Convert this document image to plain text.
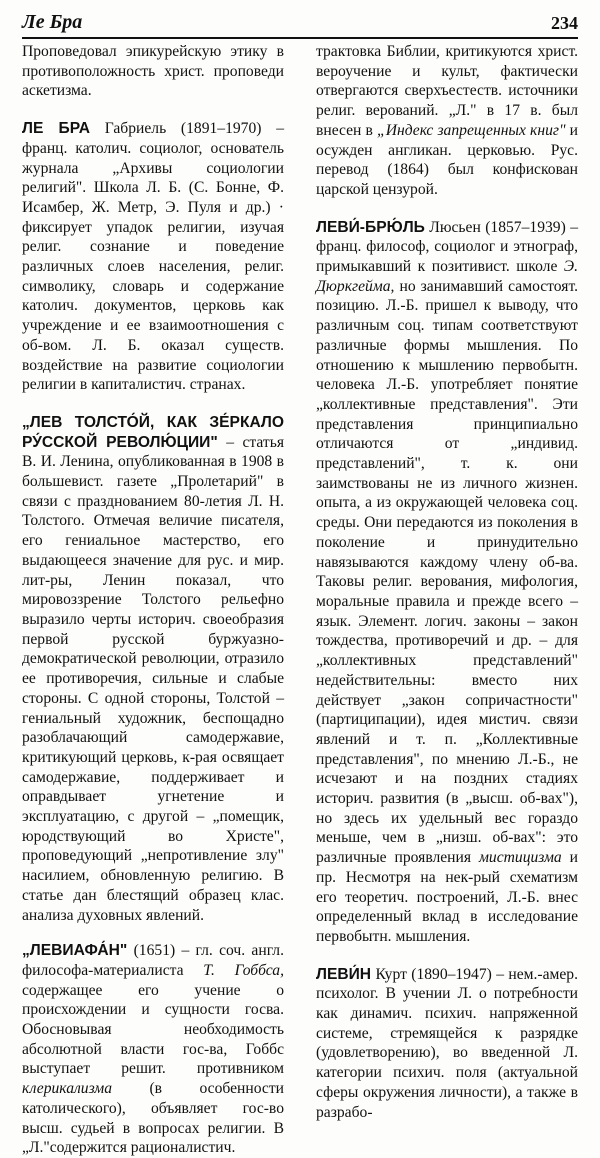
Ле Бра	234

Проповедовал эпикурейскую этику в противоположность христ. проповеди аскетизма.

ЛЕ БРА Габриель (1891–1970) – франц. католич. социолог, основатель журнала „Архивы социологии религий". Школа Л. Б. (С. Бонне, Ф. Исамбер, Ж. Метр, Э. Пуля и др.) · фиксирует упадок религии, изучая религ. сознание и поведение различных слоев населения, религ. символику, словарь и содержание католич. документов, церковь как учреждение и ее взаимоотношения с об-вом. Л. Б. оказал существ. воздействие на развитие социологии религии в капиталистич. странах.

„ЛЕВ ТОЛСТО́Й, КАК ЗЕ́РКАЛО РУ́ССКОЙ РЕВОЛЮ́ЦИИ" – статья В. И. Ленина, опубликованная в 1908 в большевист. газете „Пролетарий" в связи с празднованием 80-летия Л. Н. Толстого. Отмечая величие писателя, его гениальное мастерство, его выдающееся значение для рус. и мир. лит-ры, Ленин показал, что мировоззрение Толстого рельефно выразило черты историч. своеобразия первой русской буржуазно-демократической революции, отразило ее противоречия, сильные и слабые стороны. С одной стороны, Толстой – гениальный художник, беспощадно разоблачающий самодержавие, критикующий церковь, к-рая освящает самодержавие, поддерживает и оправдывает угнетение и эксплуатацию, с другой – „помещик, юродствующий во Христе", проповедующий „непротивление злу" насилием, обновленную религию. В статье дан блестящий образец клас. анализа духовных явлений.

„ЛЕВИАФА́Н" (1651) – гл. соч. англ. философа-материалиста Т. Гоббса, содержащее его учение о происхождении и сущности госва. Обосновывая необходимость абсолютной власти гос-ва, Гоббс выступает решит. противником клерикализма (в особенности католического), объявляет гос-во высш. судьей в вопросах религии. В „Л."содержится рационалистич.

трактовка Библии, критикуются христ. вероучение и культ, фактически отвергаются сверхъестеств. источники религ. верований. „Л." в 17 в. был внесен в „Индекс запрещенных книг" и осужден англикан. церковью. Рус. перевод (1864) был конфискован царской цензурой.

ЛЕВИ́-БРЮ́ЛЬ Люсьен (1857–1939) – франц. философ, социолог и этнограф, примыкавший к позитивист. школе Э. Дюркгейма, но занимавший самостоят. позицию. Л.-Б. пришел к выводу, что различным соц. типам соответствуют различные формы мышления. По отношению к мышлению первобытн. человека Л.-Б. употребляет понятие „коллективные представления". Эти представления принципиально отличаются от „индивид. представлений", т. к. они заимствованы не из личного жизнен. опыта, а из окружающей человека соц. среды. Они передаются из поколения в поколение и принудительно навязываются каждому члену об-ва. Таковы религ. верования, мифология, моральные правила и прежде всего – язык. Элемент. логич. законы – закон тождества, противоречий и др. – для „коллективных представлений" недействительны: вместо них действует „закон сопричастности" (партиципации), идея мистич. связи явлений и т. п. „Коллективные представления", по мнению Л.-Б., не исчезают и на поздних стадиях историч. развития (в „высш. об-вах"), но здесь их удельный вес гораздо меньше, чем в „низш. об-вах": это различные проявления мистицизма и пр. Несмотря на нек-рый схематизм его теоретич. построений, Л.-Б. внес определенный вклад в исследование первобытн. мышления.

ЛЕВИ́Н Курт (1890–1947) – нем.-амер. психолог. В учении Л. о потребности как динамич. психич. напряженной системе, стремящейся к разрядке (удовлетворению), во введенной Л. категории психич. поля (актуальной сферы окружения личности), а также в разрабо-
